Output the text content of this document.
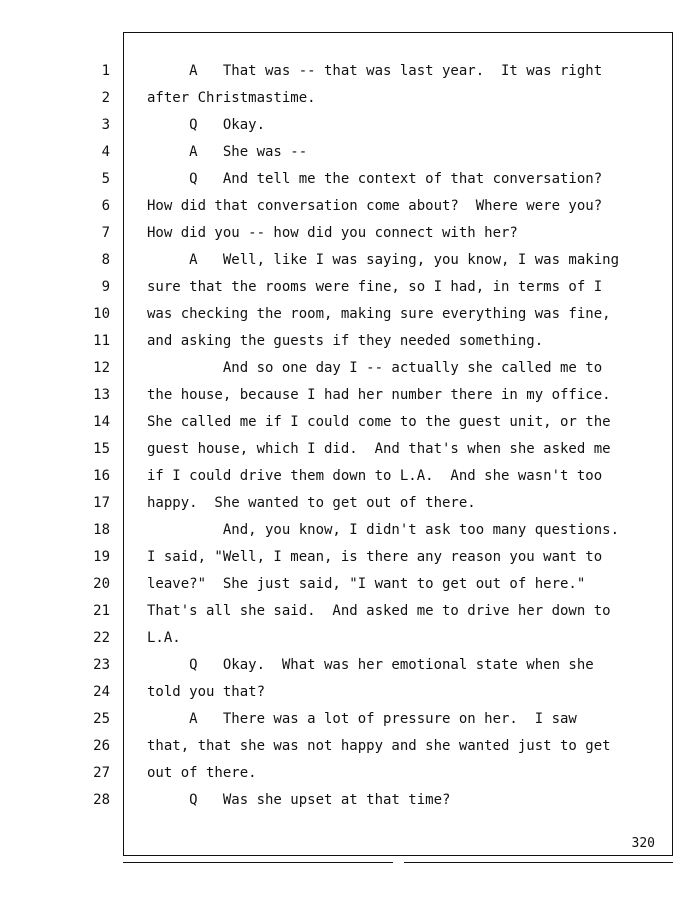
1
2
3
4
5
6
7
8
9
10
11
12
13
14
15
16
17
18
19
20
21
22
23
24
25
26
27
28
A   That was -- that was last year.  It was right
after Christmastime.
Q   Okay.
A   She was --
Q   And tell me the context of that conversation?
How did that conversation come about?  Where were you?
How did you -- how did you connect with her?
A   Well, like I was saying, you know, I was making
sure that the rooms were fine, so I had, in terms of I
was checking the room, making sure everything was fine,
and asking the guests if they needed something.
And so one day I -- actually she called me to
the house, because I had her number there in my office.
She called me if I could come to the guest unit, or the
guest house, which I did.  And that's when she asked me
if I could drive them down to L.A.  And she wasn't too
happy.  She wanted to get out of there.
And, you know, I didn't ask too many questions.
I said, "Well, I mean, is there any reason you want to
leave?"  She just said, "I want to get out of here."
That's all she said.  And asked me to drive her down to
L.A.
Q   Okay.  What was her emotional state when she
told you that?
A   There was a lot of pressure on her.  I saw
that, that she was not happy and she wanted just to get
out of there.
Q   Was she upset at that time?
320
